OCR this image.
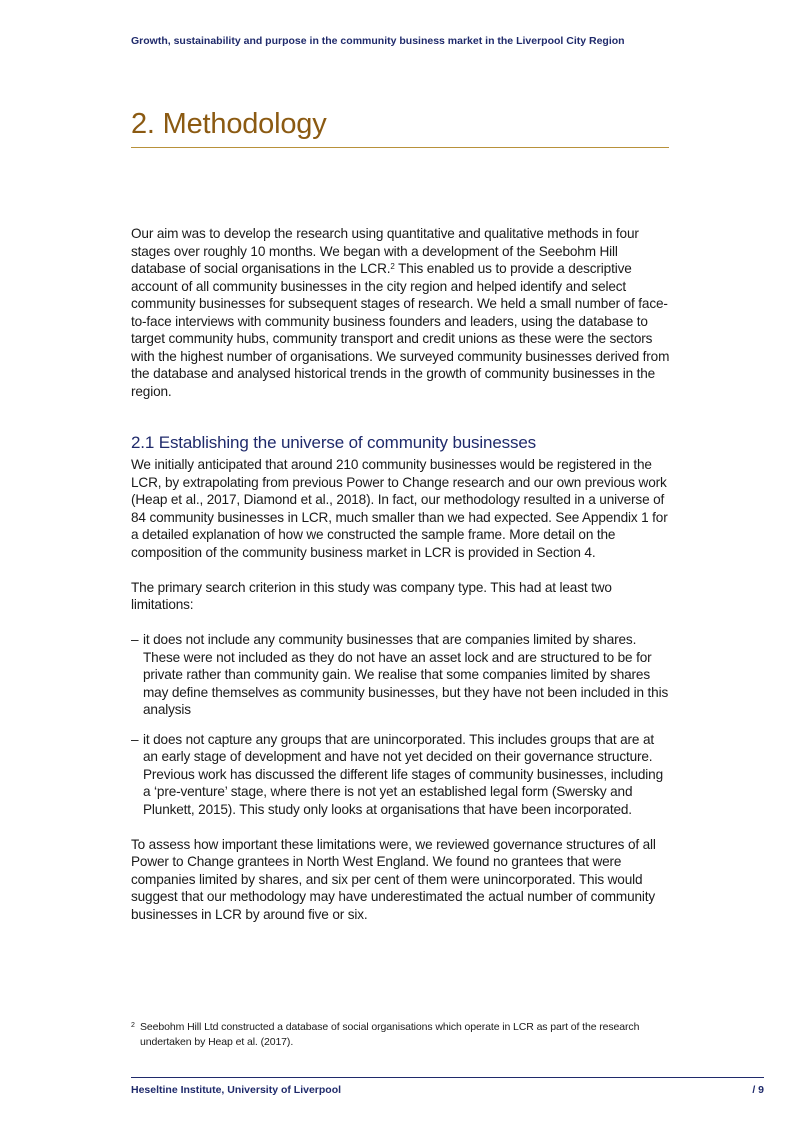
Growth, sustainability and purpose in the community business market in the Liverpool City Region
2. Methodology

Our aim was to develop the research using quantitative and qualitative methods in four stages over roughly 10 months. We began with a development of the Seebohm Hill database of social organisations in the LCR.$^2$ This enabled us to provide a descriptive account of all community businesses in the city region and helped identify and select community businesses for subsequent stages of research. We held a small number of face-to-face interviews with community business founders and leaders, using the database to target community hubs, community transport and credit unions as these were the sectors with the highest number of organisations. We surveyed community businesses derived from the database and analysed historical trends in the growth of community businesses in the region.

2.1 Establishing the universe of community businesses

We initially anticipated that around 210 community businesses would be registered in the LCR, by extrapolating from previous Power to Change research and our own previous work (Heap et al., 2017, Diamond et al., 2018). In fact, our methodology resulted in a universe of 84 community businesses in LCR, much smaller than we had expected. See Appendix 1 for a detailed explanation of how we constructed the sample frame. More detail on the composition of the community business market in LCR is provided in Section 4.

The primary search criterion in this study was company type. This had at least two limitations:

– it does not include any community businesses that are companies limited by shares. These were not included as they do not have an asset lock and are structured to be for private rather than community gain. We realise that some companies limited by shares may define themselves as community businesses, but they have not been included in this analysis
– it does not capture any groups that are unincorporated. This includes groups that are at an early stage of development and have not yet decided on their governance structure. Previous work has discussed the different life stages of community businesses, including a ‘pre-venture’ stage, where there is not yet an established legal form (Swersky and Plunkett, 2015). This study only looks at organisations that have been incorporated.

To assess how important these limitations were, we reviewed governance structures of all Power to Change grantees in North West England. We found no grantees that were companies limited by shares, and six per cent of them were unincorporated. This would suggest that our methodology may have underestimated the actual number of community businesses in LCR by around five or six.

2 Seebohm Hill Ltd constructed a database of social organisations which operate in LCR as part of the research undertaken by Heap et al. (2017).
Heseltine Institute, University of Liverpool	/ 9
